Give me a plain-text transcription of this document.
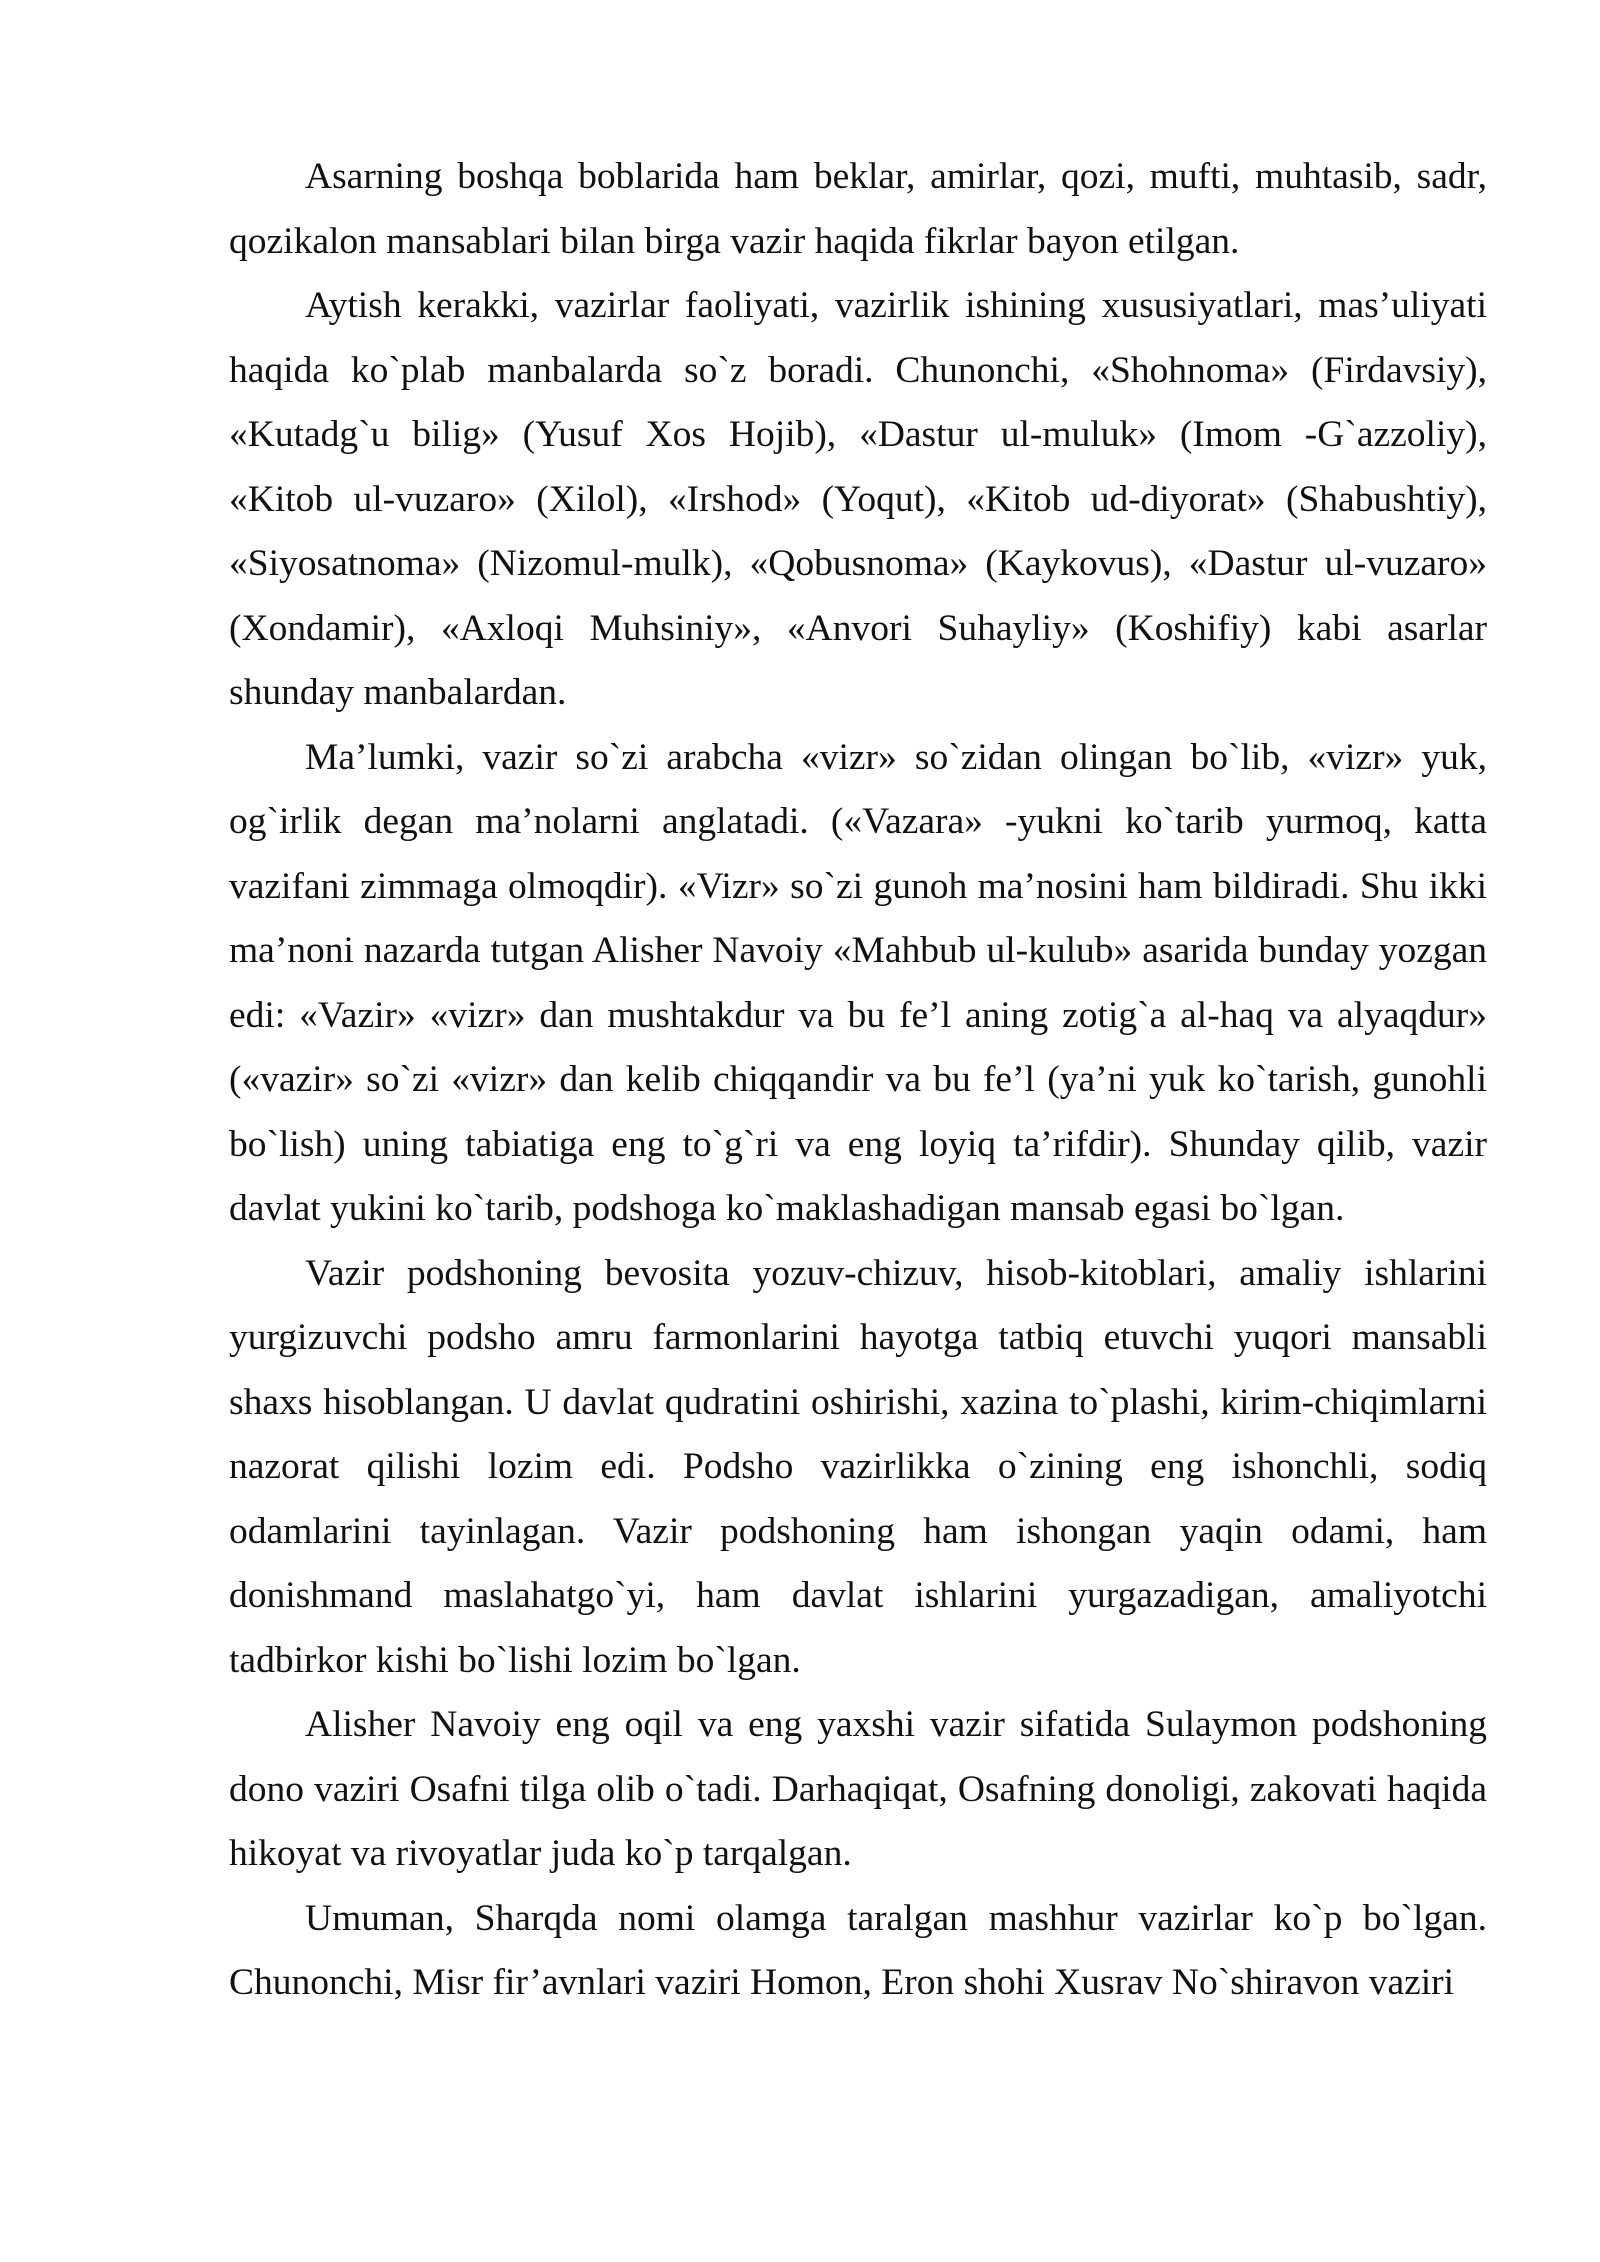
Asarning boshqa boblarida ham beklar, amirlar, qozi, mufti, muhtasib, sadr, qozikalon mansablari bilan birga vazir haqida fikrlar bayon etilgan.

Aytish kerakki, vazirlar faoliyati, vazirlik ishining xususiyatlari, mas’uliyati haqida ko`plab manbalarda so`z boradi. Chunonchi, «Shohnoma» (Firdavsiy), «Kutadg`u bilig» (Yusuf Xos Hojib), «Dastur ul-muluk» (Imom -G`azzoliy), «Kitob ul-vuzaro» (Xilol), «Irshod» (Yoqut), «Kitob ud-diyorat» (Shabushtiy), «Siyosatnoma» (Nizomul-mulk), «Qobusnoma» (Kaykovus), «Dastur ul-vuzaro» (Xondamir), «Axloqi Muhsiniy», «Anvori Suhayliy» (Koshifiy) kabi asarlar shunday manbalardan.

Ma’lumki, vazir so`zi arabcha «vizr» so`zidan olingan bo`lib, «vizr» yuk, og`irlik degan ma’nolarni anglatadi. («Vazara» -yukni ko`tarib yurmoq, katta vazifani zimmaga olmoqdir). «Vizr» so`zi gunoh ma’nosini ham bildiradi. Shu ikki ma’noni nazarda tutgan Alisher Navoiy «Mahbub ul-kulub» asarida bunday yozgan edi: «Vazir» «vizr» dan mushtakdur va bu fe’l aning zotig`a al-haq va alyaqdur» («vazir» so`zi «vizr» dan kelib chiqqandir va bu fe’l (ya’ni yuk ko`tarish, gunohli bo`lish) uning tabiatiga eng to`g`ri va eng loyiq ta’rifdir). Shunday qilib, vazir davlat yukini ko`tarib, podshoga ko`maklashadigan mansab egasi bo`lgan.

Vazir podshoning bevosita yozuv-chizuv, hisob-kitoblari, amaliy ishlarini yurgizuvchi podsho amru farmonlarini hayotga tatbiq etuvchi yuqori mansabli shaxs hisoblangan. U davlat qudratini oshirishi, xazina to`plashi, kirim-chiqimlarni nazorat qilishi lozim edi. Podsho vazirlikka o`zining eng ishonchli, sodiq odamlarini tayinlagan. Vazir podshoning ham ishongan yaqin odami, ham donishmand maslahatgo`yi, ham davlat ishlarini yurgazadigan, amaliyotchi tadbirkor kishi bo`lishi lozim bo`lgan.

Alisher Navoiy eng oqil va eng yaxshi vazir sifatida Sulaymon podshoning dono vaziri Osafni tilga olib o`tadi. Darhaqiqat, Osafning donoligi, zakovati haqida hikoyat va rivoyatlar juda ko`p tarqalgan.

Umuman, Sharqda nomi olamga taralgan mashhur vazirlar ko`p bo`lgan. Chunonchi, Misr fir’avnlari vaziri Homon, Eron shohi Xusrav No`shiravon vaziri
